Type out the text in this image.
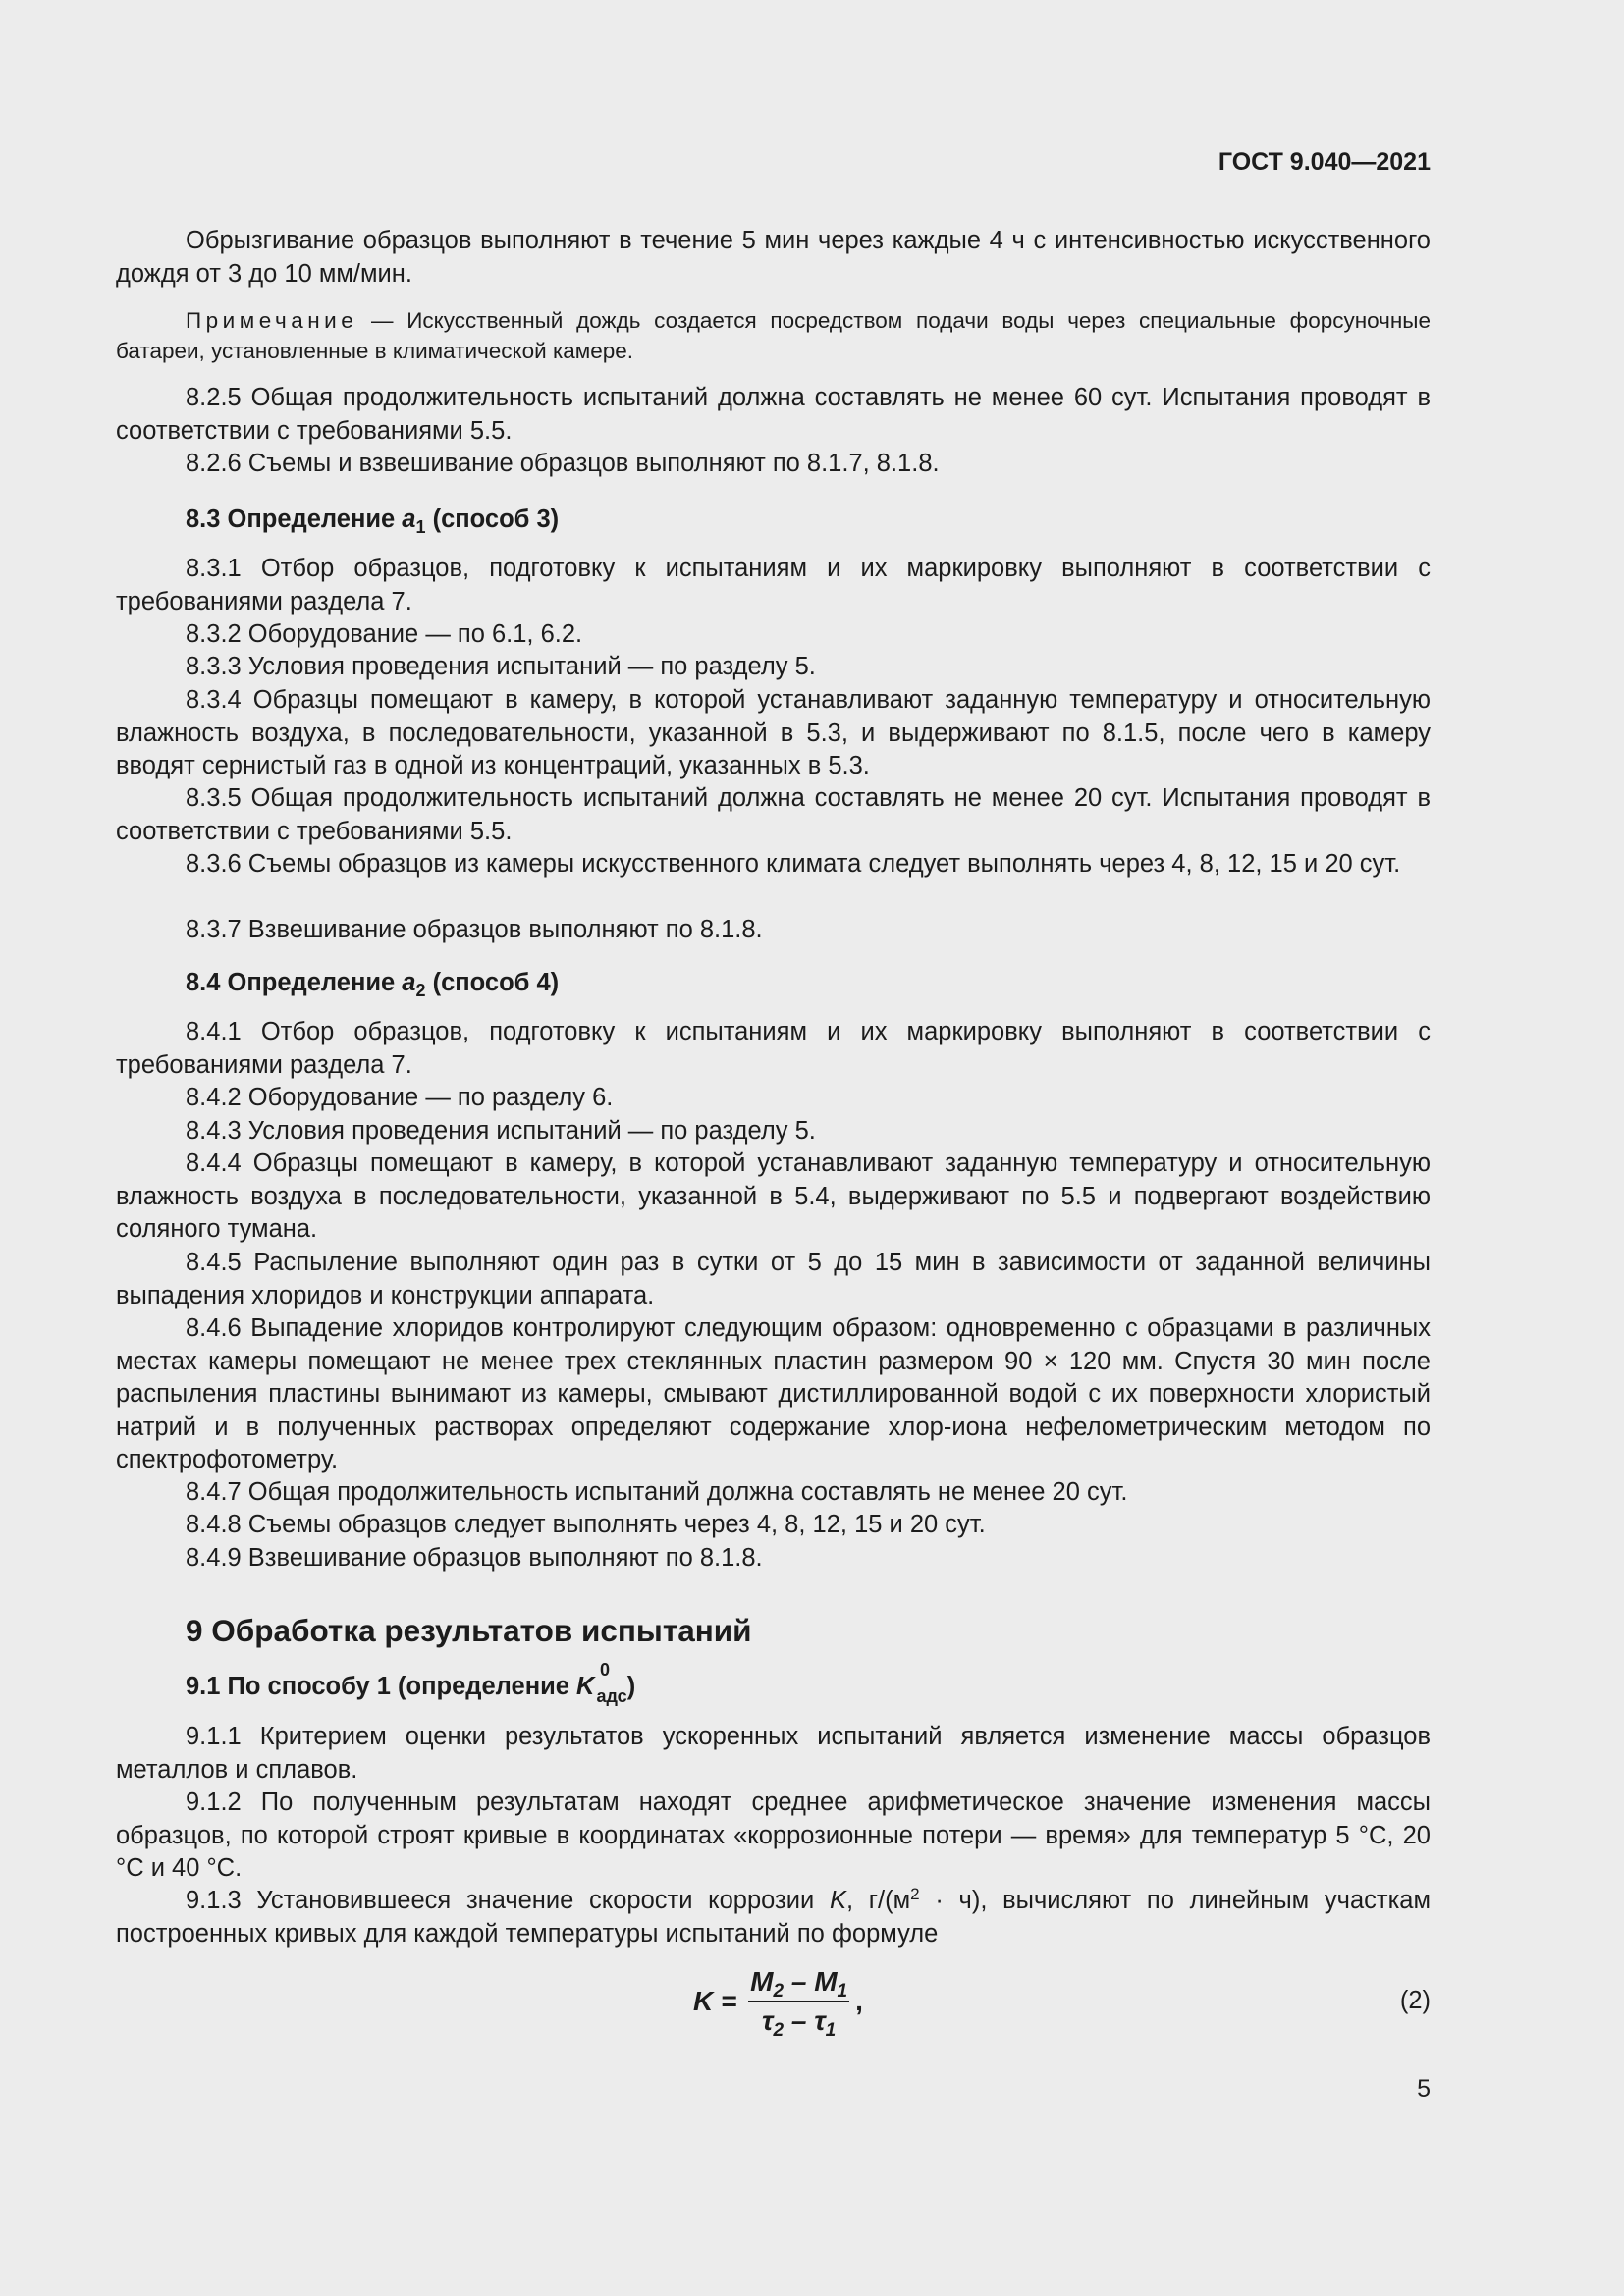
ГОСТ 9.040—2021

Обрызгивание образцов выполняют в течение 5 мин через каждые 4 ч с интенсивностью искусственного дождя от 3 до 10 мм/мин.

Примечание — Искусственный дождь создается посредством подачи воды через специальные форсуночные батареи, установленные в климатической камере.

8.2.5 Общая продолжительность испытаний должна составлять не менее 60 сут. Испытания проводят в соответствии с требованиями 5.5.

8.2.6 Съемы и взвешивание образцов выполняют по 8.1.7, 8.1.8.

8.3 Определение $a_1$ (способ 3)

8.3.1 Отбор образцов, подготовку к испытаниям и их маркировку выполняют в соответствии с требованиями раздела 7.

8.3.2 Оборудование — по 6.1, 6.2.

8.3.3 Условия проведения испытаний — по разделу 5.

8.3.4 Образцы помещают в камеру, в которой устанавливают заданную температуру и относительную влажность воздуха, в последовательности, указанной в 5.3, и выдерживают по 8.1.5, после чего в камеру вводят сернистый газ в одной из концентраций, указанных в 5.3.

8.3.5 Общая продолжительность испытаний должна составлять не менее 20 сут. Испытания проводят в соответствии с требованиями 5.5.

8.3.6 Съемы образцов из камеры искусственного климата следует выполнять через 4, 8, 12, 15 и 20 сут.

8.3.7 Взвешивание образцов выполняют по 8.1.8.

8.4 Определение $a_2$ (способ 4)

8.4.1 Отбор образцов, подготовку к испытаниям и их маркировку выполняют в соответствии с требованиями раздела 7.

8.4.2 Оборудование — по разделу 6.

8.4.3 Условия проведения испытаний — по разделу 5.

8.4.4 Образцы помещают в камеру, в которой устанавливают заданную температуру и относительную влажность воздуха в последовательности, указанной в 5.4, выдерживают по 5.5 и подвергают воздействию соляного тумана.

8.4.5 Распыление выполняют один раз в сутки от 5 до 15 мин в зависимости от заданной величины выпадения хлоридов и конструкции аппарата.

8.4.6 Выпадение хлоридов контролируют следующим образом: одновременно с образцами в различных местах камеры помещают не менее трех стеклянных пластин размером 90 × 120 мм. Спустя 30 мин после распыления пластины вынимают из камеры, смывают дистиллированной водой с их поверхности хлористый натрий и в полученных растворах определяют содержание хлор-иона нефелометрическим методом по спектрофотометру.

8.4.7 Общая продолжительность испытаний должна составлять не менее 20 сут.

8.4.8 Съемы образцов следует выполнять через 4, 8, 12, 15 и 20 сут.

8.4.9 Взвешивание образцов выполняют по 8.1.8.

9 Обработка результатов испытаний
9.1 По способу 1 (определение K
0
$_{адс}$)

9.1.1 Критерием оценки результатов ускоренных испытаний является изменение массы образцов металлов и сплавов.

9.1.2 По полученным результатам находят среднее арифметическое значение изменения массы образцов, по которой строят кривые в координатах «коррозионные потери — время» для температур 5 °C, 20 °C и 40 °C.

9.1.3 Установившееся значение скорости коррозии K, $г/(м^2 \cdot ч)$, вычисляют по линейным участкам построенных кривых для каждой температуры испытаний по формуле

$K = \frac{M_2 - M_1}{\tau_2 - \tau_1}$ ,	(2)
5
